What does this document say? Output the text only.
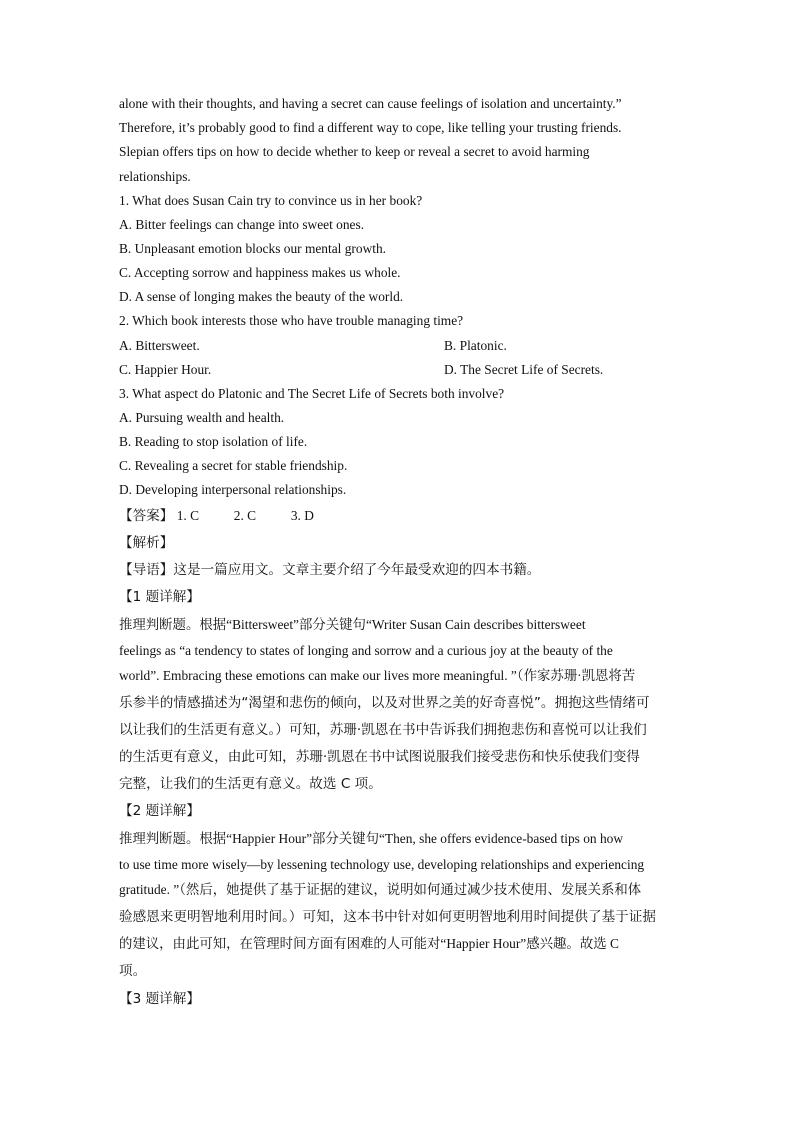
alone with their thoughts, and having a secret can cause feelings of isolation and uncertainty.”
Therefore, it’s probably good to find a different way to cope, like telling your trusting friends.
Slepian offers tips on how to decide whether to keep or reveal a secret to avoid harming
relationships.
1. What does Susan Cain try to convince us in her book?
A. Bitter feelings can change into sweet ones.
B. Unpleasant emotion blocks our mental growth.
C. Accepting sorrow and happiness makes us whole.
D. A sense of longing makes the beauty of the world.
2. Which book interests those who have trouble managing time?
A. Bittersweet.	B. Platonic.
C. Happier Hour.	D. The Secret Life of Secrets.
3. What aspect do Platonic and The Secret Life of Secrets both involve?
A. Pursuing wealth and health.
B. Reading to stop isolation of life.
C. Revealing a secret for stable friendship.
D. Developing interpersonal relationships.
【答案】 1. C	2. C	3. D
【解析】
【导语】这是一篇应用文。文章主要介绍了今年最受欢迎的四本书籍。
【1 题详解】
推理判断题。根据“Bittersweet”部分关键句“Writer Susan Cain describes bittersweet
feelings as “a tendency to states of longing and sorrow and a curious joy at the beauty of the
world”. Embracing these emotions can make our lives more meaningful. ”（作家苏珊·凯恩将苦
乐参半的情感描述为“渴望和悲伤的倾向，以及对世界之美的好奇喜悦”。拥抱这些情绪可
以让我们的生活更有意义。）可知，苏珊·凯恩在书中告诉我们拥抱悲伤和喜悦可以让我们
的生活更有意义，由此可知，苏珊·凯恩在书中试图说服我们接受悲伤和快乐使我们变得
完整，让我们的生活更有意义。故选 C 项。
【2 题详解】
推理判断题。根据“Happier Hour”部分关键句“Then, she offers evidence-based tips on how
to use time more wisely—by lessening technology use, developing relationships and experiencing
gratitude. ”（然后，她提供了基于证据的建议，说明如何通过减少技术使用、发展关系和体
验感恩来更明智地利用时间。）可知，这本书中针对如何更明智地利用时间提供了基于证据
的建议，由此可知，在管理时间方面有困难的人可能对“Happier Hour”感兴趣。故选 C
项。
【3 题详解】
